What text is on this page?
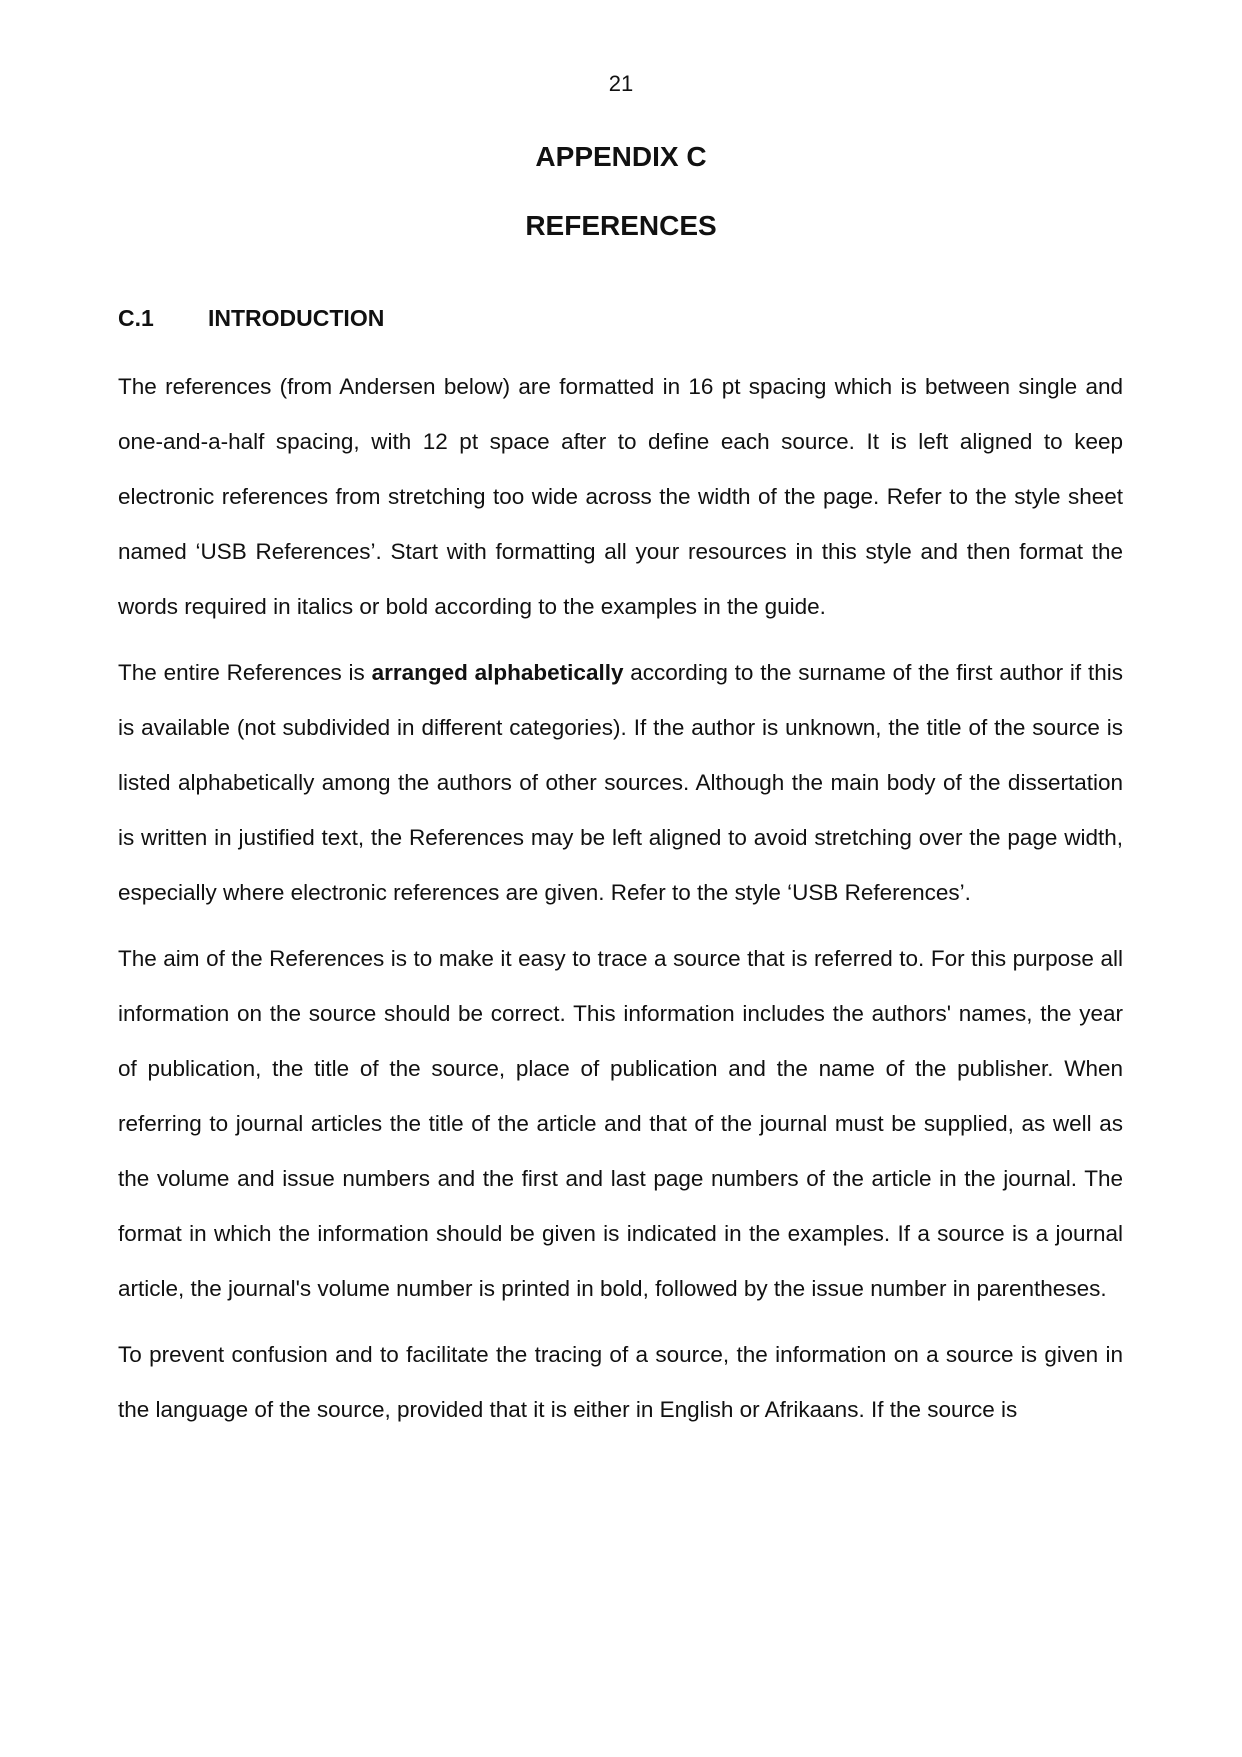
21
APPENDIX C
REFERENCES
C.1 INTRODUCTION

The references (from Andersen below) are formatted in 16 pt spacing which is between single and one-and-a-half spacing, with 12 pt space after to define each source. It is left aligned to keep electronic references from stretching too wide across the width of the page. Refer to the style sheet named ‘USB References’. Start with formatting all your resources in this style and then format the words required in italics or bold according to the examples in the guide.

The entire References is arranged alphabetically according to the surname of the first author if this is available (not subdivided in different categories). If the author is unknown, the title of the source is listed alphabetically among the authors of other sources. Although the main body of the dissertation is written in justified text, the References may be left aligned to avoid stretching over the page width, especially where electronic references are given. Refer to the style ‘USB References’.

The aim of the References is to make it easy to trace a source that is referred to. For this purpose all information on the source should be correct. This information includes the authors' names, the year of publication, the title of the source, place of publication and the name of the publisher. When referring to journal articles the title of the article and that of the journal must be supplied, as well as the volume and issue numbers and the first and last page numbers of the article in the journal. The format in which the information should be given is indicated in the examples. If a source is a journal article, the journal's volume number is printed in bold, followed by the issue number in parentheses.

To prevent confusion and to facilitate the tracing of a source, the information on a source is given in the language of the source, provided that it is either in English or Afrikaans. If the source is
